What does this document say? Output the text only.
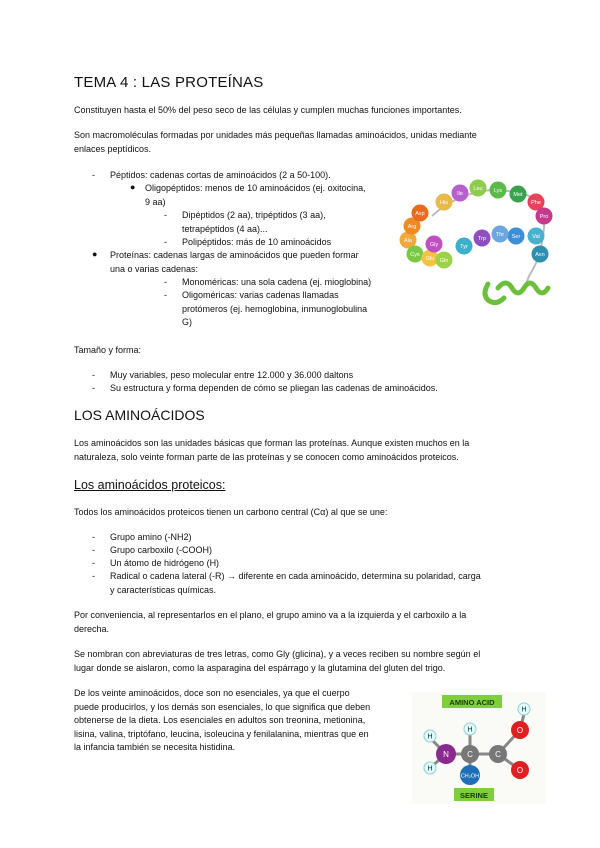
TEMA 4 : LAS PROTEÍNAS
Constituyen hasta el 50% del peso seco de las células y cumplen muchas funciones importantes.
Son macromoléculas formadas por unidades más pequeñas llamadas aminoácidos, unidas mediante
enlaces peptídicos.
- Péptidos: cadenas cortas de aminoácidos (2 a 50-100).
● Oligopéptidos: menos de 10 aminoácidos (ej. oxitocina,
9 aa)
- Dipéptidos (2 aa), tripéptidos (3 aa),
tetrapéptidos (4 aa)...
- Polipéptidos: más de 10 aminoácidos
● Proteínas: cadenas largas de aminoácidos que pueden formar
una o varias cadenas:
- Monoméricas: una sola cadena (ej. mioglobina)
- Oligoméricas: varias cadenas llamadas
protómeros (ej. hemoglobina, inmunoglobulina
G)
Ala
Arg
Asp
Cys
Glu Gln
Gly
His
Ile
Leu Lys
Met
Phe
Pro
Ser
Thr
Trp
Tyr
Val
Asn
Tamaño y forma:
- Muy variables, peso molecular entre 12.000 y 36.000 daltons
- Su estructura y forma dependen de cómo se pliegan las cadenas de aminoácidos.
LOS AMINOÁCIDOS
Los aminoácidos son las unidades básicas que forman las proteínas. Aunque existen muchos en la
naturaleza, solo veinte forman parte de las proteínas y se conocen como aminoácidos proteicos.
Los aminoácidos proteicos:
Todos los aminoácidos proteicos tienen un carbono central (Cα) al que se une:
- Grupo amino (-NH2)
- Grupo carboxilo (-COOH)
- Un átomo de hidrógeno (H)
- Radical o cadena lateral (-R) → diferente en cada aminoácido, determina su polaridad, carga
y características químicas.
Por conveniencia, al representarlos en el plano, el grupo amino va a la izquierda y el carboxilo a la
derecha.
Se nombran con abreviaturas de tres letras, como Gly (glicina), y a veces reciben su nombre según el
lugar donde se aislaron, como la asparagina del espárrago y la glutamina del gluten del trigo.
De los veinte aminoácidos, doce son no esenciales, ya que el cuerpo
puede producirlos, y los demás son esenciales, lo que significa que deben
obtenerse de la dieta. Los esenciales en adultos son treonina, metionina,
lisina, valina, triptófano, leucina, isoleucina y fenilalanina, mientras que en
la infancia también se necesita histidina.
AMINO ACID
SERINE
N C	C
H
H
H
H
O
O
CH₂OH
